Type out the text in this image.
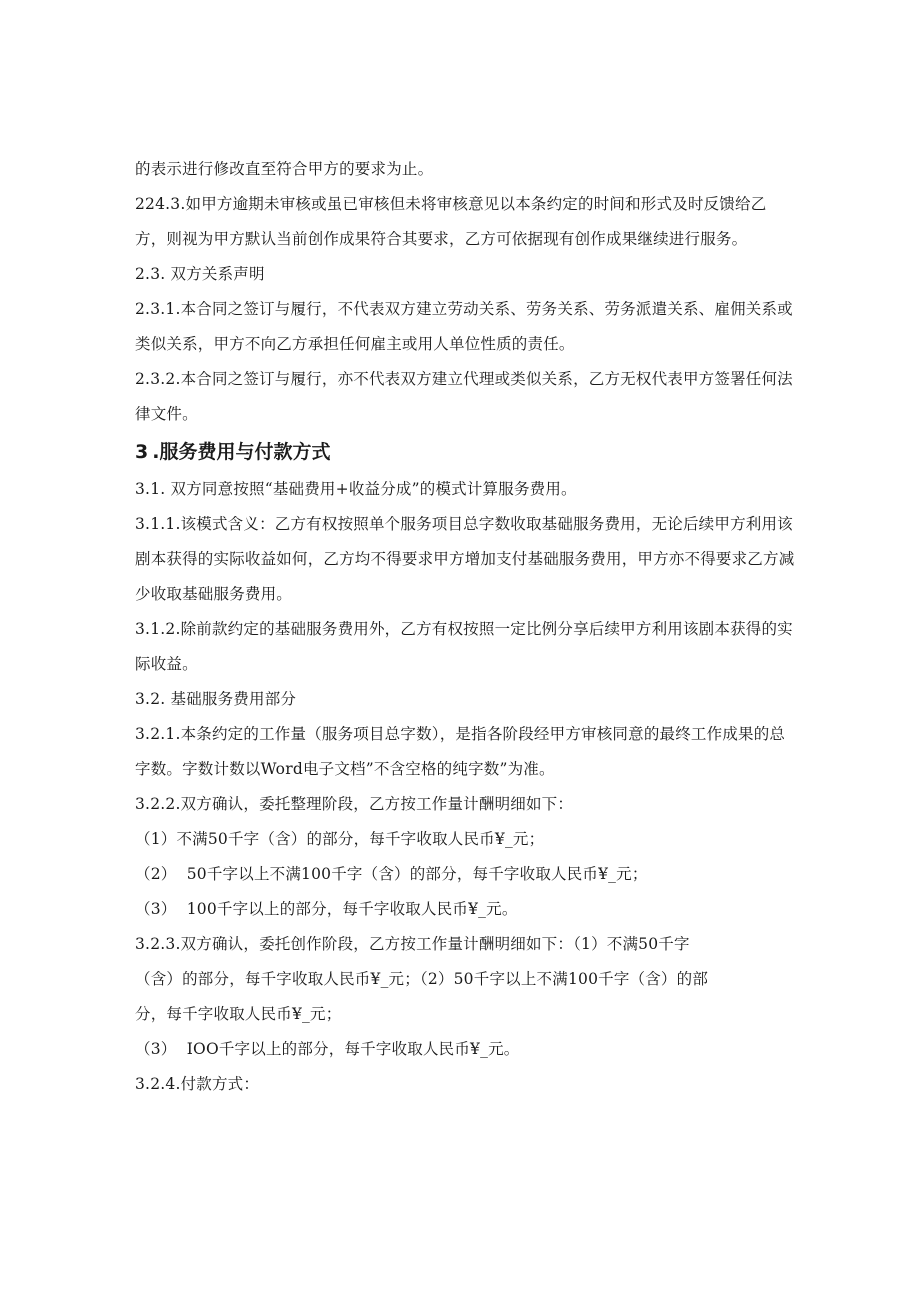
的表示进行修改直至符合甲方的要求为止。

224.3.如甲方逾期未审核或虽已审核但未将审核意见以本条约定的时间和形式及时反馈给乙方，则视为甲方默认当前创作成果符合其要求，乙方可依据现有创作成果继续进行服务。

2.3. 双方关系声明

2.3.1.本合同之签订与履行，不代表双方建立劳动关系、劳务关系、劳务派遣关系、雇佣关系或类似关系，甲方不向乙方承担任何雇主或用人单位性质的责任。

2.3.2.本合同之签订与履行，亦不代表双方建立代理或类似关系，乙方无权代表甲方签署任何法律文件。

3 .服务费用与付款方式

3.1. 双方同意按照“基础费用+收益分成”的模式计算服务费用。

3.1.1.该模式含义：乙方有权按照单个服务项目总字数收取基础服务费用，无论后续甲方利用该剧本获得的实际收益如何，乙方均不得要求甲方增加支付基础服务费用，甲方亦不得要求乙方减少收取基础服务费用。

3.1.2.除前款约定的基础服务费用外，乙方有权按照一定比例分享后续甲方利用该剧本获得的实际收益。

3.2. 基础服务费用部分

3.2.1.本条约定的工作量（服务项目总字数），是指各阶段经甲方审核同意的最终工作成果的总字数。字数计数以Word电子文档”不含空格的纯字数”为准。

3.2.2.双方确认，委托整理阶段，乙方按工作量计酬明细如下：

（1）不满50千字（含）的部分，每千字收取人民币¥_元；

（2）  50千字以上不满100千字（含）的部分，每千字收取人民币¥_元；

（3）  100千字以上的部分，每千字收取人民币¥_元。

3.2.3.双方确认，委托创作阶段，乙方按工作量计酬明细如下：（1）不满50千字

（含）的部分，每千字收取人民币¥_元；（2）50千字以上不满100千字（含）的部

分，每千字收取人民币¥_元；

（3）  IOO千字以上的部分，每千字收取人民币¥_元。

3.2.4.付款方式：
